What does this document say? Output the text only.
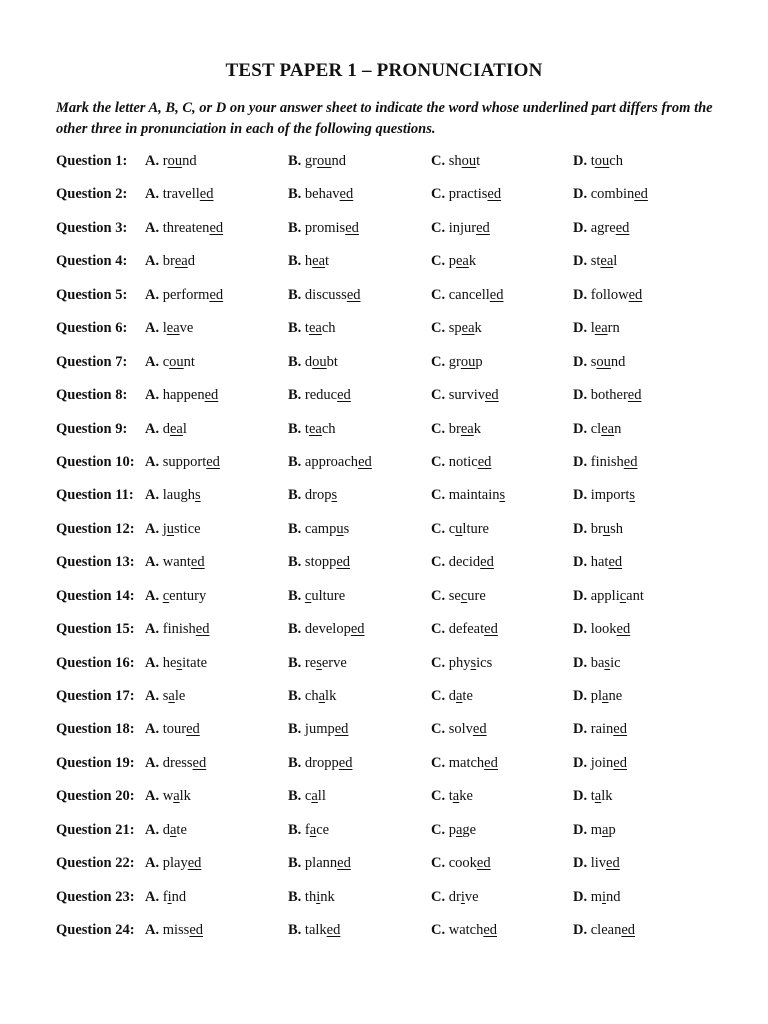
TEST PAPER 1 – PRONUNCIATION
Mark the letter A, B, C, or D on your answer sheet to indicate the word whose underlined part differs from the other three in pronunciation in each of the following questions.
Question 1: A. round	B. ground	C. shout	D. touch
Question 2: A. travelled	B. behaved	C. practised	D. combined
Question 3: A. threatened	B. promised	C. injured	D. agreed
Question 4: A. bread	B. heat	C. peak	D. steal
Question 5: A. performed	B. discussed	C. cancelled	D. followed
Question 6: A. leave	B. teach	C. speak	D. learn
Question 7: A. count	B. doubt	C. group	D. sound
Question 8: A. happened	B. reduced	C. survived	D. bothered
Question 9: A. deal	B. teach	C. break	D. clean
Question 10: A. supported	B. approached	C. noticed	D. finished
Question 11: A. laughs	B. drops	C. maintains	D. imports
Question 12: A. justice	B. campus	C. culture	D. brush
Question 13: A. wanted	B. stopped	C. decided	D. hated
Question 14: A. century	B. culture	C. secure	D. applicant
Question 15: A. finished	B. developed	C. defeated	D. looked
Question 16: A. hesitate	B. reserve	C. physics	D. basic
Question 17: A. sale	B. chalk	C. date	D. plane
Question 18: A. toured	B. jumped	C. solved	D. rained
Question 19: A. dressed	B. dropped	C. matched	D. joined
Question 20: A. walk	B. call	C. take	D. talk
Question 21: A. date	B. face	C. page	D. map
Question 22: A. played	B. planned	C. cooked	D. lived
Question 23: A. find	B. think	C. drive	D. mind
Question 24: A. missed	B. talked	C. watched	D. cleaned
